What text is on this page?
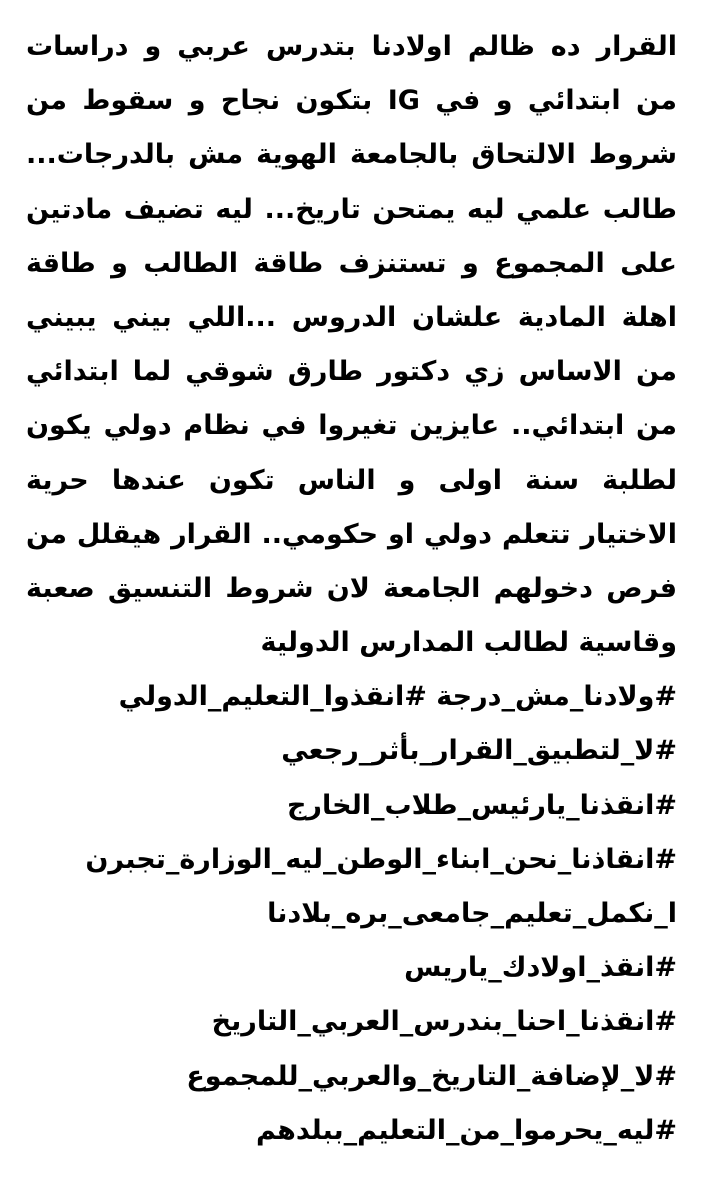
القرار ده ظالم اولادنا بتدرس عربي و دراسات
من ابتدائي و في IG بتكون نجاح و سقوط من
شروط الالتحاق بالجامعة الهوية مش بالدرجات...
طالب علمي ليه يمتحن تاريخ... ليه تضيف مادتين
على المجموع و تستنزف طاقة الطالب و طاقة
اهلة المادية علشان الدروس ...اللي بيني يبيني
من الاساس زي دكتور طارق شوقي لما ابتدائي
من ابتدائي.. عايزين تغيروا في نظام دولي يكون
لطلبة سنة اولى و الناس تكون عندها حرية
الاختيار تتعلم دولي او حكومي.. القرار هيقلل من
فرص دخولهم الجامعة لان شروط التنسيق صعبة
وقاسية لطالب المدارس الدولية
#ولادنا_مش_درجة #انقذوا_التعليم_الدولي
#لا_لتطبيق_القرار_بأثر_رجعي
#انقذنا_يارئيس_طلاب_الخارج
#انقاذنا_نحن_ابناء_الوطن_ليه_الوزارة_تجبرن
ا_نكمل_تعليم_جامعى_بره_بلادنا
#انقذ_اولادك_ياريس
#انقذنا_احنا_بندرس_العربي_التاريخ
#لا_لإضافة_التاريخ_والعربي_للمجموع
#ليه_يحرموا_من_التعليم_ببلدهم
